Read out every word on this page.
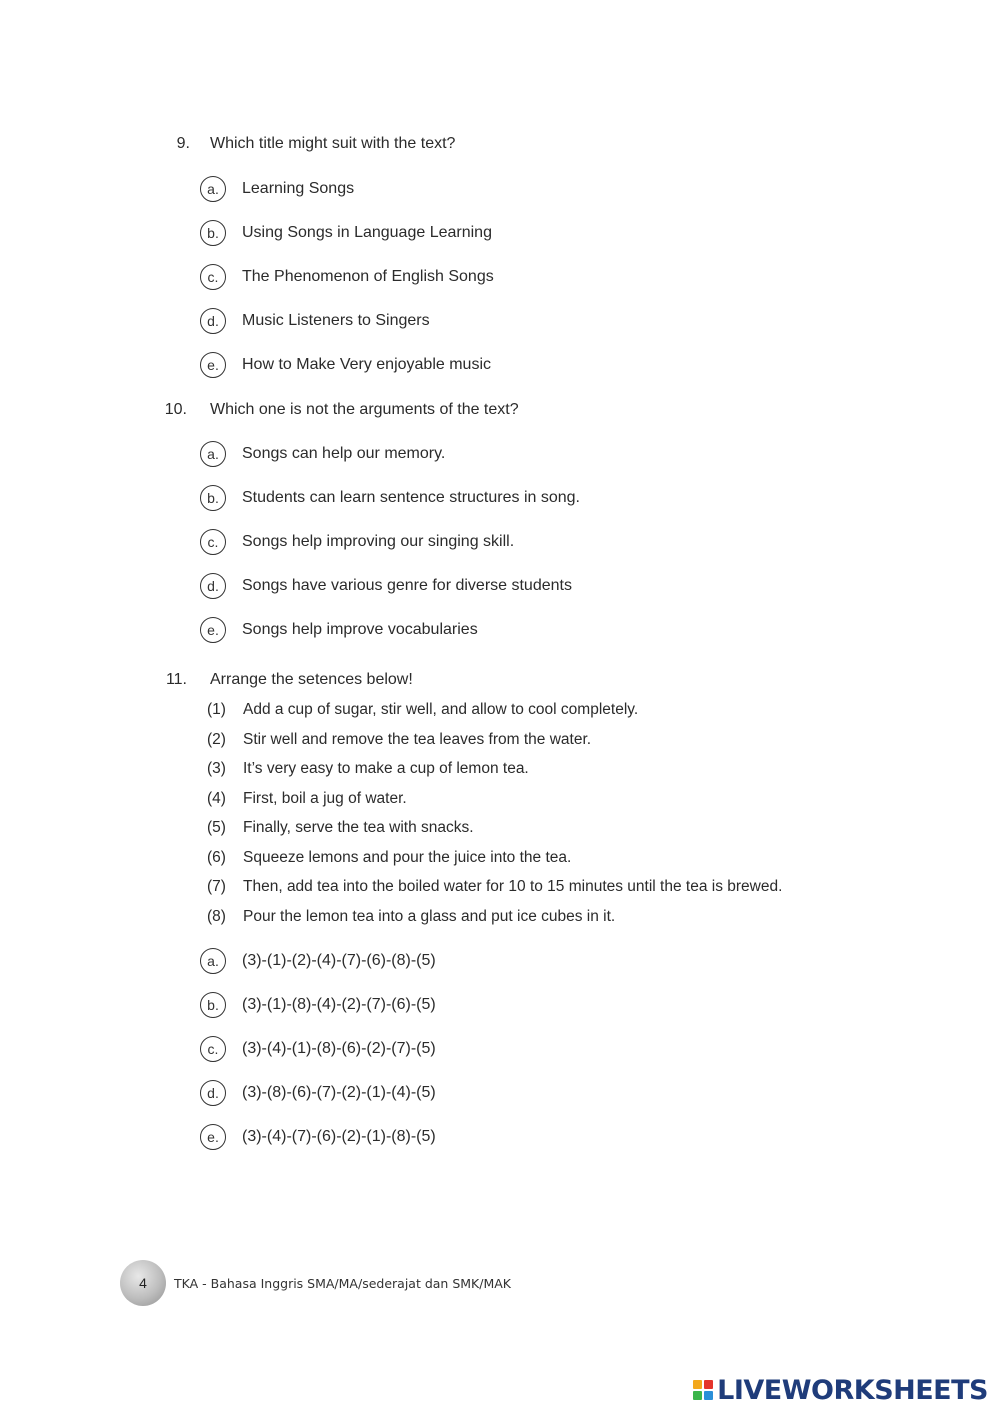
9. Which title might suit with the text?
a.	Learning Songs
b.	Using Songs in Language Learning
c.	The Phenomenon of English Songs
d.	Music Listeners to Singers
e.	How to Make Very enjoyable music
10. Which one is not the arguments of the text?
a.	Songs can help our memory.
b.	Students can learn sentence structures in song.
c.	Songs help improving our singing skill.
d.	Songs have various genre for diverse students
e.	Songs help improve vocabularies
11. Arrange the setences below!
(1) Add a cup of sugar, stir well, and allow to cool completely.
(2) Stir well and remove the tea leaves from the water.
(3) It’s very easy to make a cup of lemon tea.
(4) First, boil a jug of water.
(5) Finally, serve the tea with snacks.
(6) Squeeze lemons and pour the juice into the tea.
(7) Then, add tea into the boiled water for 10 to 15 minutes until the tea is brewed.
(8) Pour the lemon tea into a glass and put ice cubes in it.
a.	(3)-(1)-(2)-(4)-(7)-(6)-(8)-(5)
b.	(3)-(1)-(8)-(4)-(2)-(7)-(6)-(5)
c.	(3)-(4)-(1)-(8)-(6)-(2)-(7)-(5)
d.	(3)-(8)-(6)-(7)-(2)-(1)-(4)-(5)
e.	(3)-(4)-(7)-(6)-(2)-(1)-(8)-(5)
4 TKA - Bahasa Inggris SMA/MA/sederajat dan SMK/MAK
LIVEWORKSHEETS
